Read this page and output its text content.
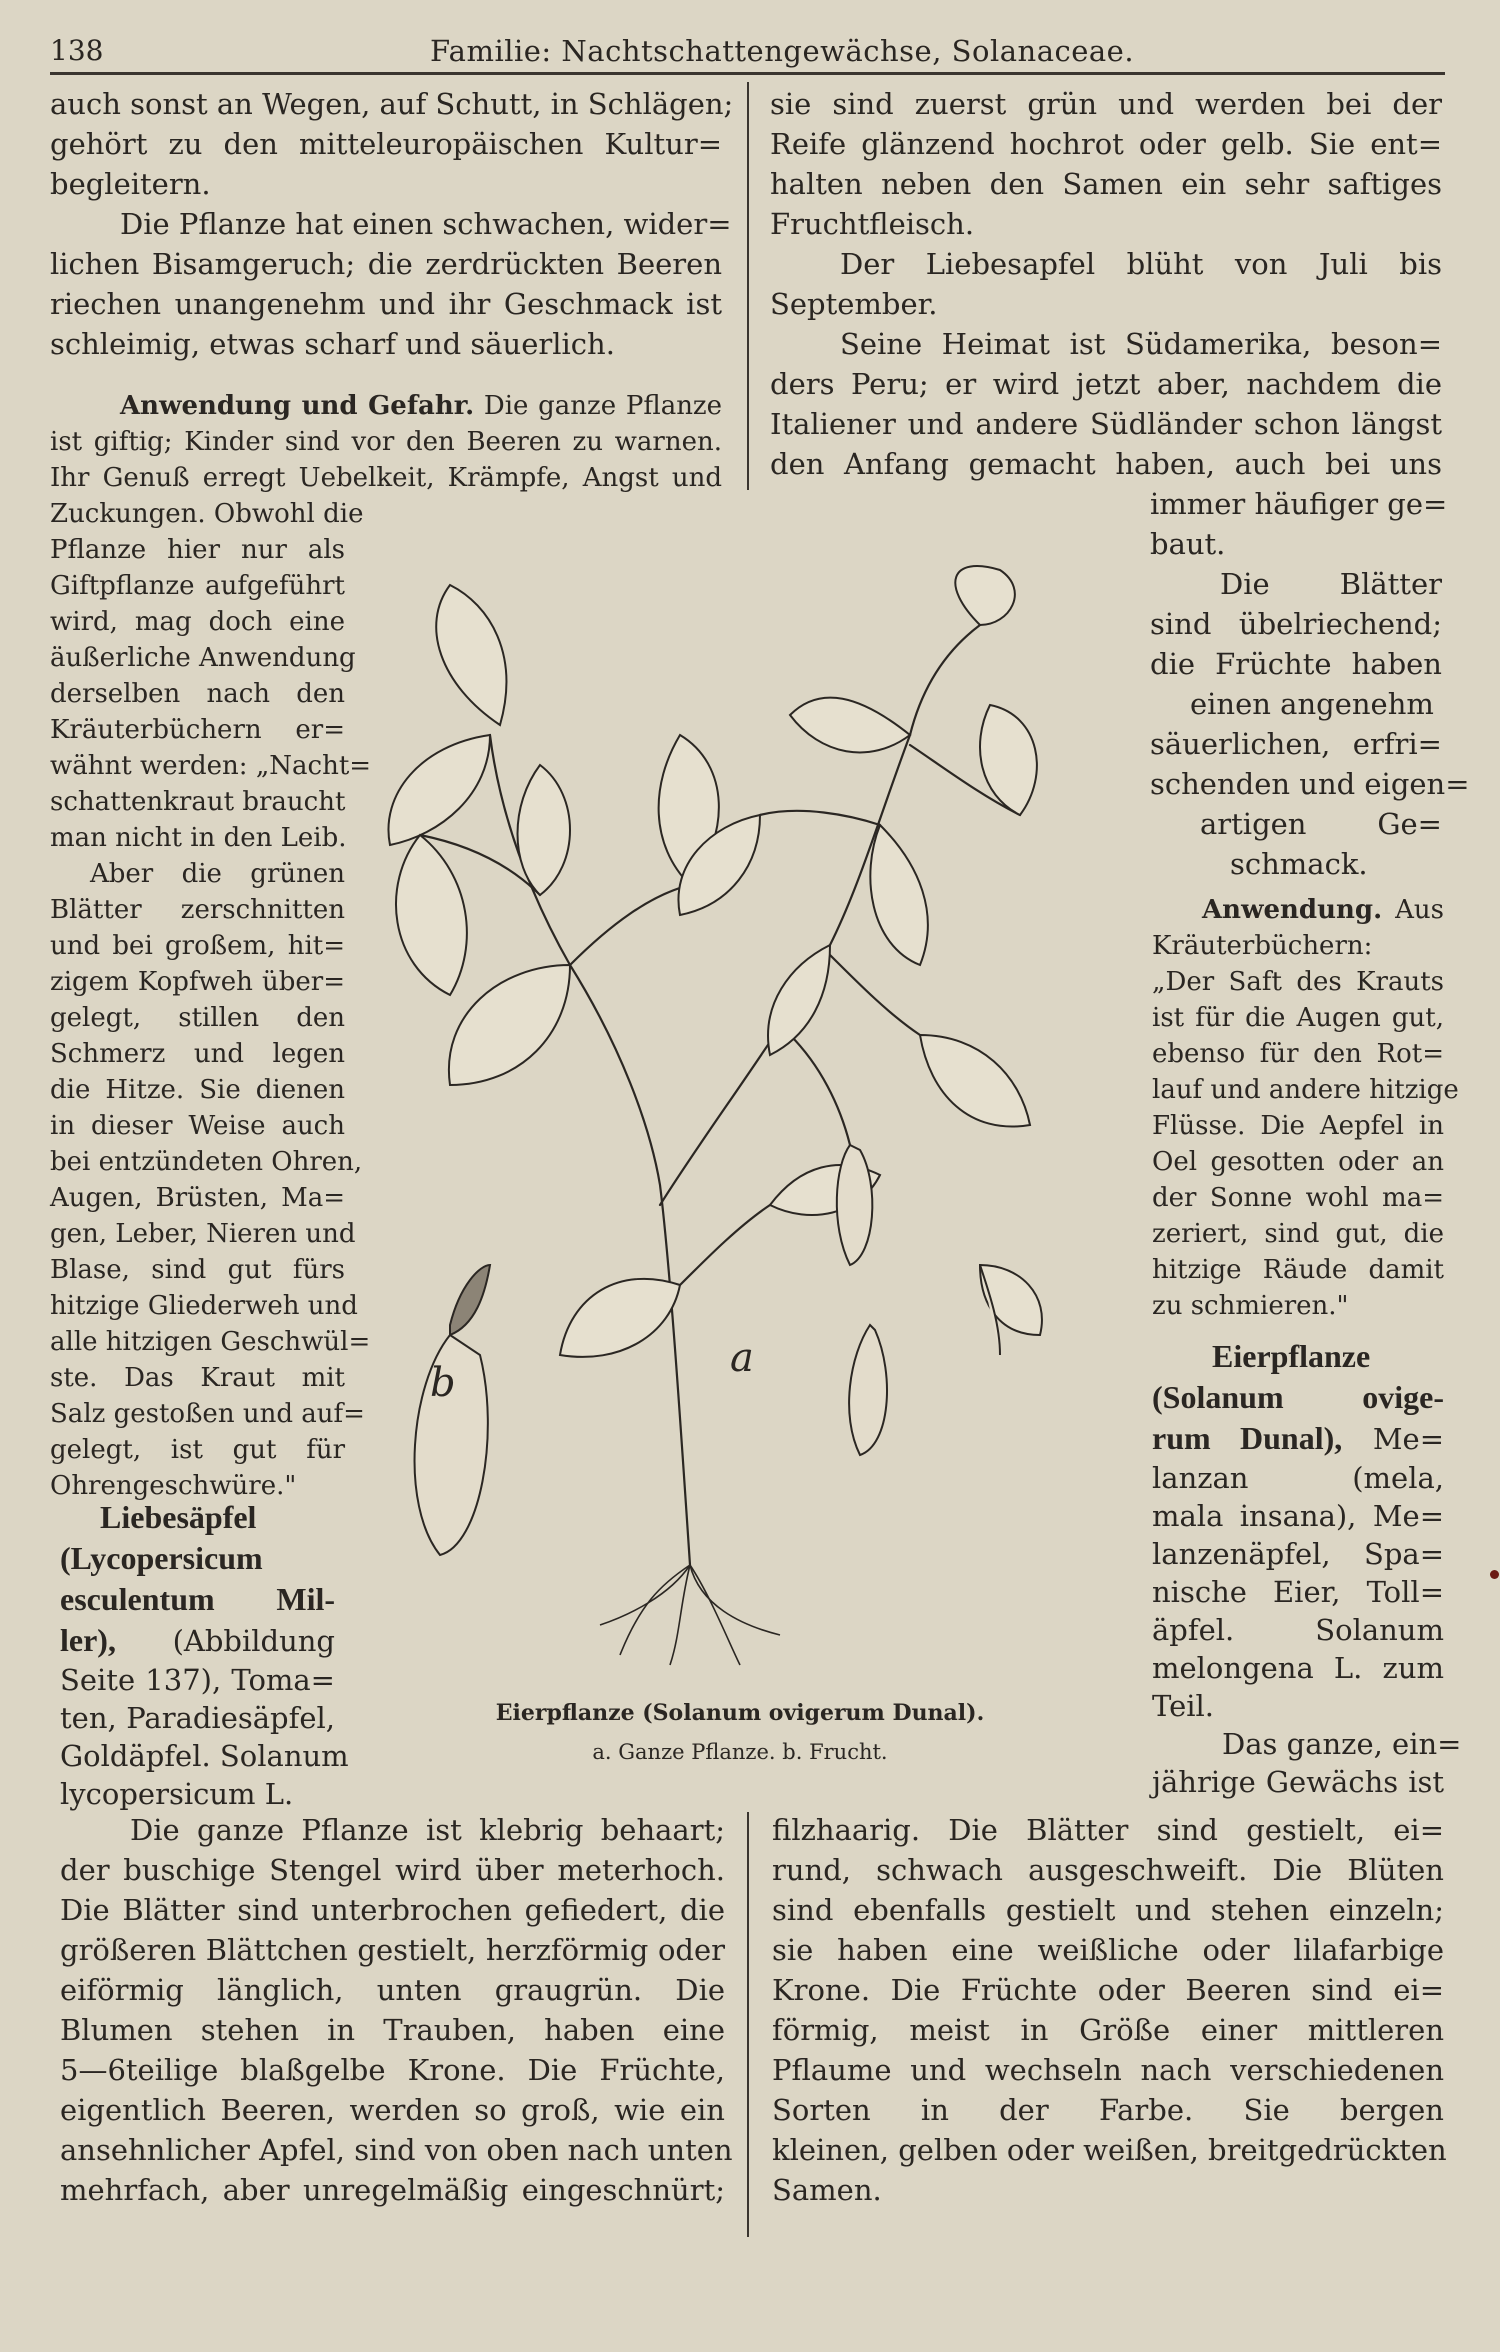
138	Familie: Nachtschattengewächse, Solanaceae.
auch sonst an Wegen, auf Schutt, in Schlägen;
gehört zu den mitteleuropäischen Kultur=
begleitern.
Die Pflanze hat einen schwachen, wider=
lichen Bisamgeruch; die zerdrückten Beeren
riechen unangenehm und ihr Geschmack ist
schleimig, etwas scharf und säuerlich.
Anwendung und Gefahr. Die ganze Pflanze
ist giftig; Kinder sind vor den Beeren zu warnen.
Ihr Genuß erregt Uebelkeit, Krämpfe, Angst und
Zuckungen. Obwohl die
Pflanze hier nur als
Giftpflanze aufgeführt
wird, mag doch eine
äußerliche Anwendung
derselben nach den
Kräuterbüchern er=
wähnt werden: „Nacht=
schattenkraut braucht
man nicht in den Leib.
Aber die grünen
Blätter zerschnitten
und bei großem, hit=
zigem Kopfweh über=
gelegt, stillen den
Schmerz und legen
die Hitze. Sie dienen
in dieser Weise auch
bei entzündeten Ohren,
Augen, Brüsten, Ma=
gen, Leber, Nieren und
Blase, sind gut fürs
hitzige Gliederweh und
alle hitzigen Geschwül=
ste. Das Kraut mit
Salz gestoßen und auf=
gelegt, ist gut für
Ohrengeschwüre."
Liebesäpfel
(Lycopersicum
esculentum Mil-
ler), (Abbildung
Seite 137), Toma=
ten, Paradiesäpfel,
Goldäpfel. Solanum
lycopersicum L.
Die ganze Pflanze ist klebrig behaart;
der buschige Stengel wird über meterhoch.
Die Blätter sind unterbrochen gefiedert, die
größeren Blättchen gestielt, herzförmig oder
eiförmig länglich, unten graugrün. Die
Blumen stehen in Trauben, haben eine
5—6teilige blaßgelbe Krone. Die Früchte,
eigentlich Beeren, werden so groß, wie ein
ansehnlicher Apfel, sind von oben nach unten
mehrfach, aber unregelmäßig eingeschnürt;
sie sind zuerst grün und werden bei der
Reife glänzend hochrot oder gelb. Sie ent=
halten neben den Samen ein sehr saftiges
Fruchtfleisch.
Der Liebesapfel blüht von Juli bis
September.
Seine Heimat ist Südamerika, beson=
ders Peru; er wird jetzt aber, nachdem die
Italiener und andere Südländer schon längst
den Anfang gemacht haben, auch bei uns
immer häufiger ge=
baut.
Die Blätter
sind übelriechend;
die Früchte haben
einen angenehm
säuerlichen, erfri=
schenden und eigen=
artigen Ge=
schmack.
Anwendung. Aus
Kräuterbüchern:
„Der Saft des Krauts
ist für die Augen gut,
ebenso für den Rot=
lauf und andere hitzige
Flüsse. Die Aepfel in
Oel gesotten oder an
der Sonne wohl ma=
zeriert, sind gut, die
hitzige Räude damit
zu schmieren."
Eierpflanze
(Solanum ovige-
rum Dunal), Me=
lanzan (mela,
mala insana), Me=
lanzenäpfel, Spa=
nische Eier, Toll=
äpfel. Solanum
melongena L. zum
Teil.
Das ganze, ein=
jährige Gewächs ist
filzhaarig. Die Blätter sind gestielt, ei=
rund, schwach ausgeschweift. Die Blüten
sind ebenfalls gestielt und stehen einzeln;
sie haben eine weißliche oder lilafarbige
Krone. Die Früchte oder Beeren sind ei=
förmig, meist in Größe einer mittleren
Pflaume und wechseln nach verschiedenen
Sorten in der Farbe. Sie bergen
kleinen, gelben oder weißen, breitgedrückten
Samen.
a
b
Eierpflanze (Solanum ovigerum Dunal).
a. Ganze Pflanze. b. Frucht.
